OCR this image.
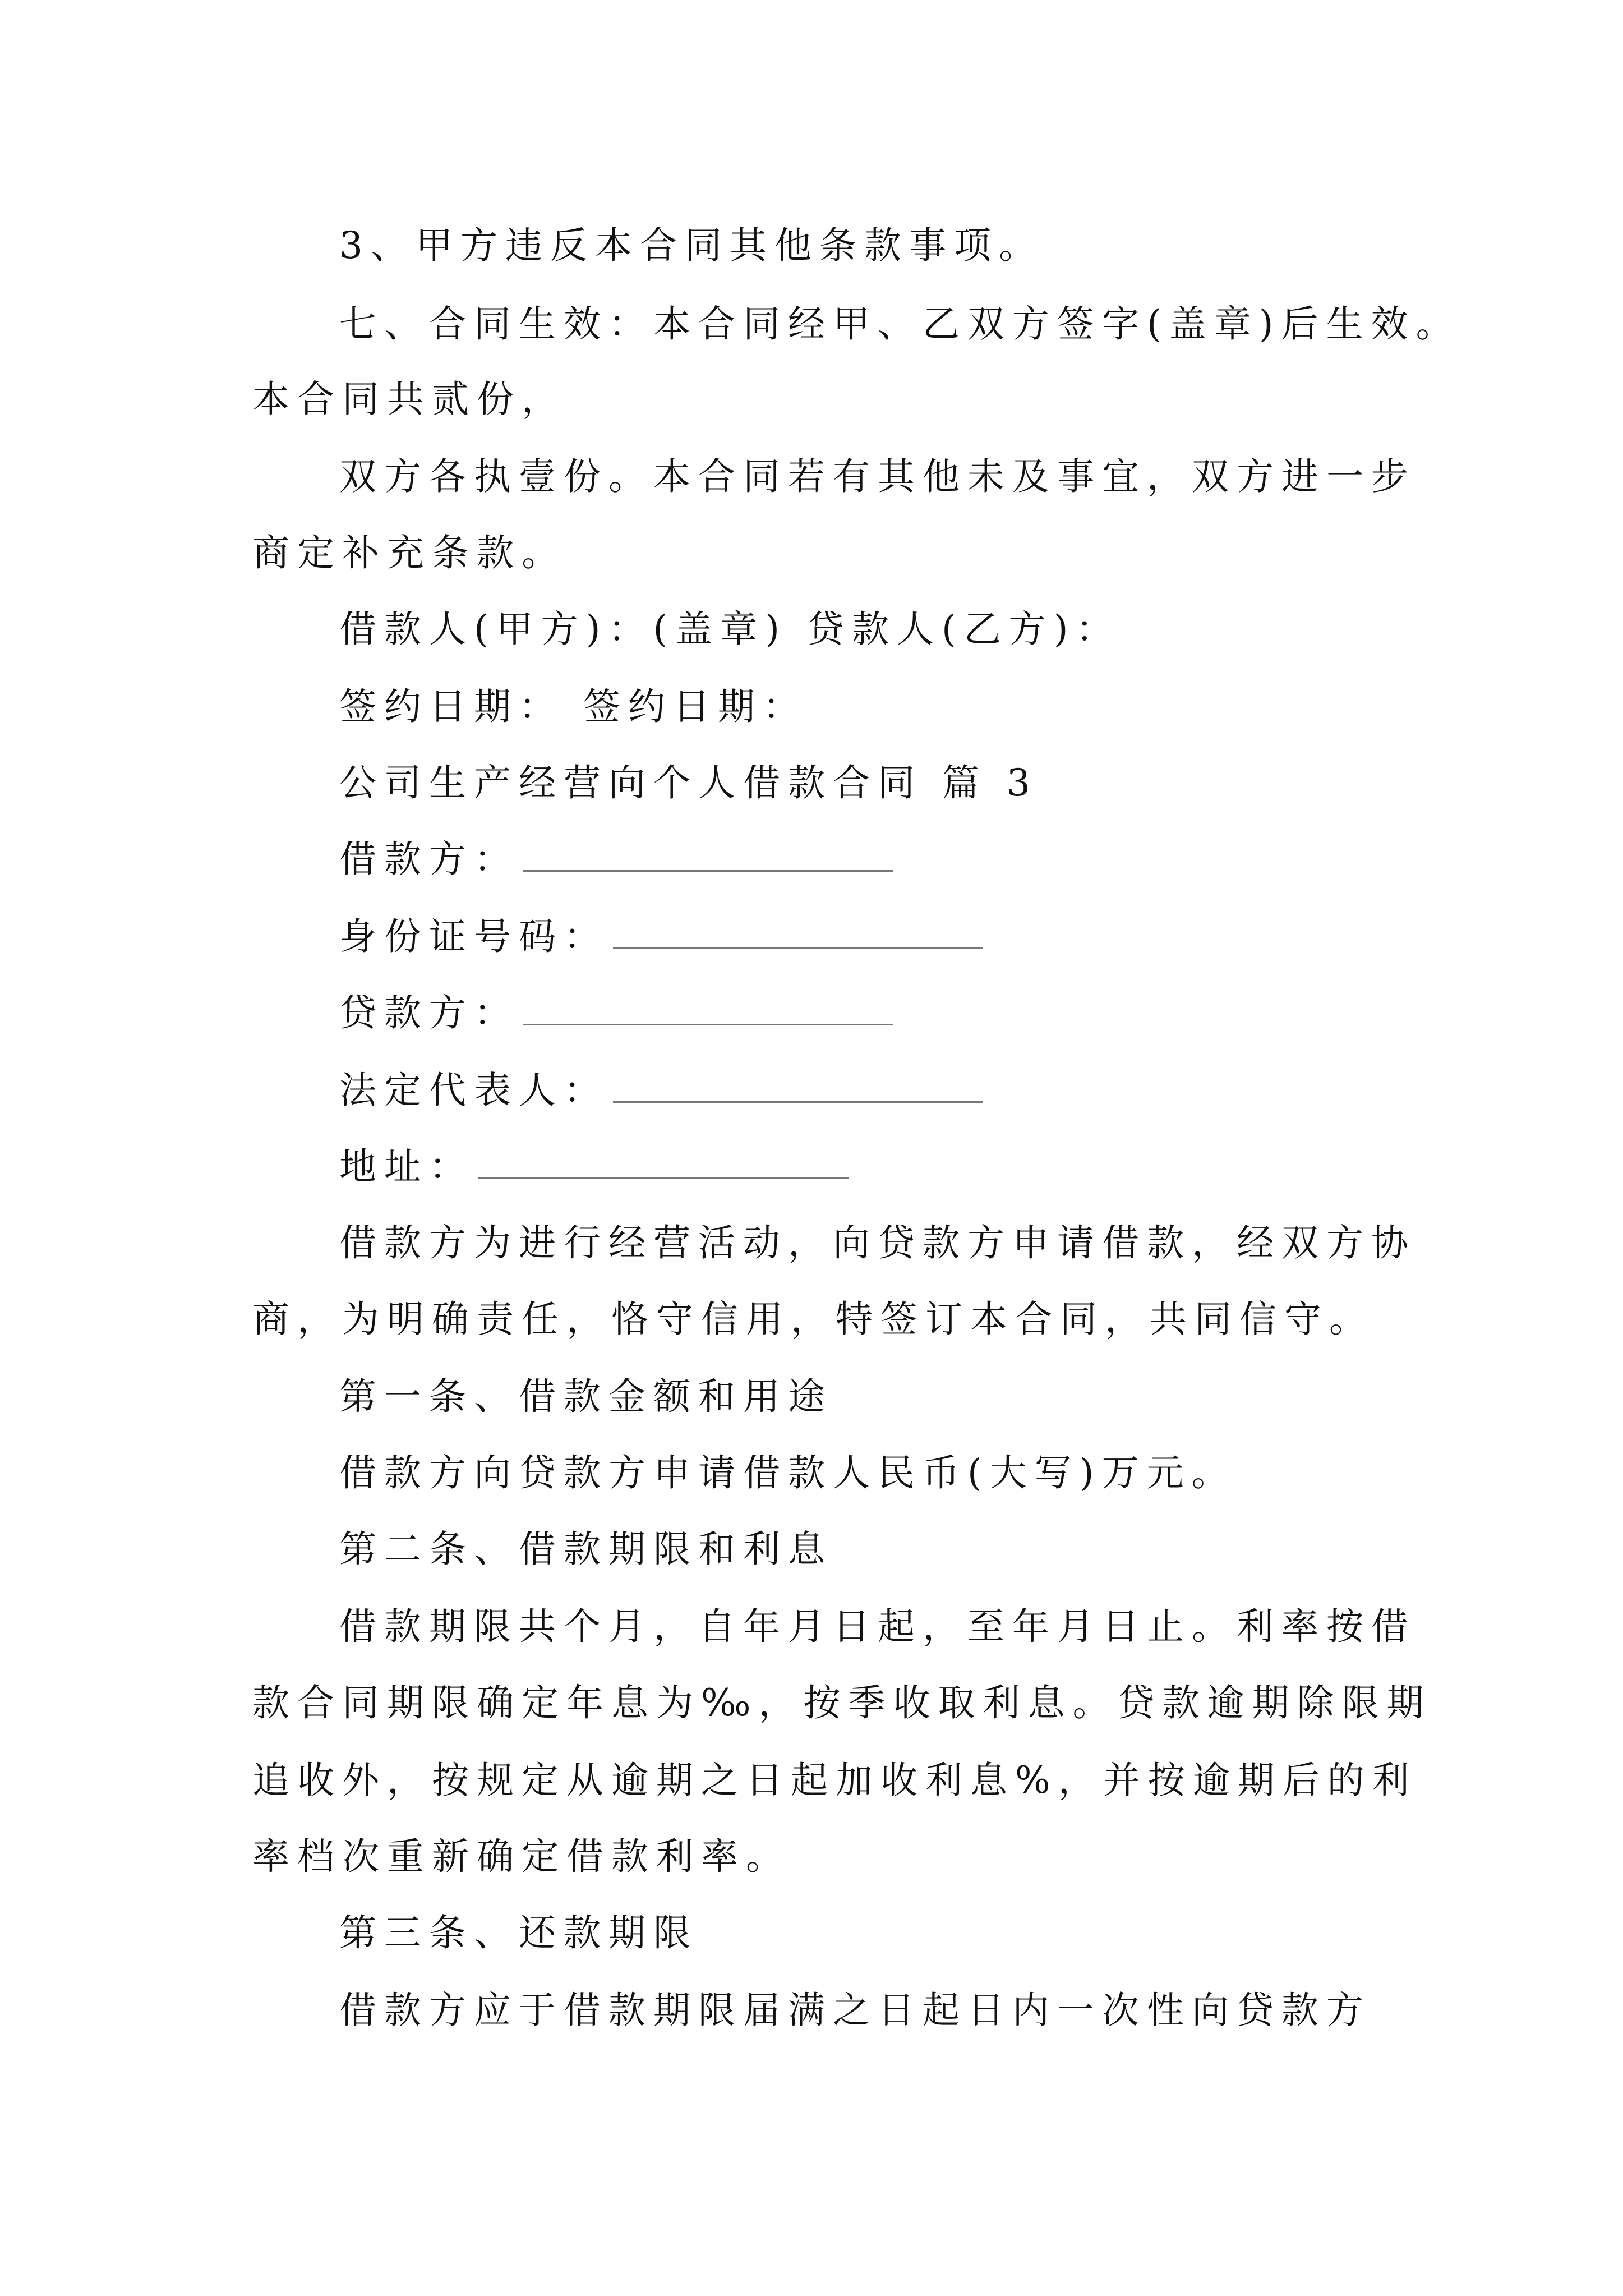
3、甲方违反本合同其他条款事项。
七、合同生效：本合同经甲、乙双方签字(盖章)后生效。
本合同共贰份，
双方各执壹份。本合同若有其他未及事宜，双方进一步
商定补充条款。
借款人(甲方)：(盖章) 贷款人(乙方)：
签约日期： 签约日期：
公司生产经营向个人借款合同 篇 3
借款方：
身份证号码：
贷款方：
法定代表人：
地址：
借款方为进行经营活动，向贷款方申请借款，经双方协
商，为明确责任，恪守信用，特签订本合同，共同信守。
第一条、借款金额和用途
借款方向贷款方申请借款人民币(大写)万元。
第二条、借款期限和利息
借款期限共个月，自年月日起，至年月日止。利率按借
款合同期限确定年息为‰，按季收取利息。贷款逾期除限期
追收外，按规定从逾期之日起加收利息%，并按逾期后的利
率档次重新确定借款利率。
第三条、还款期限
借款方应于借款期限届满之日起日内一次性向贷款方
